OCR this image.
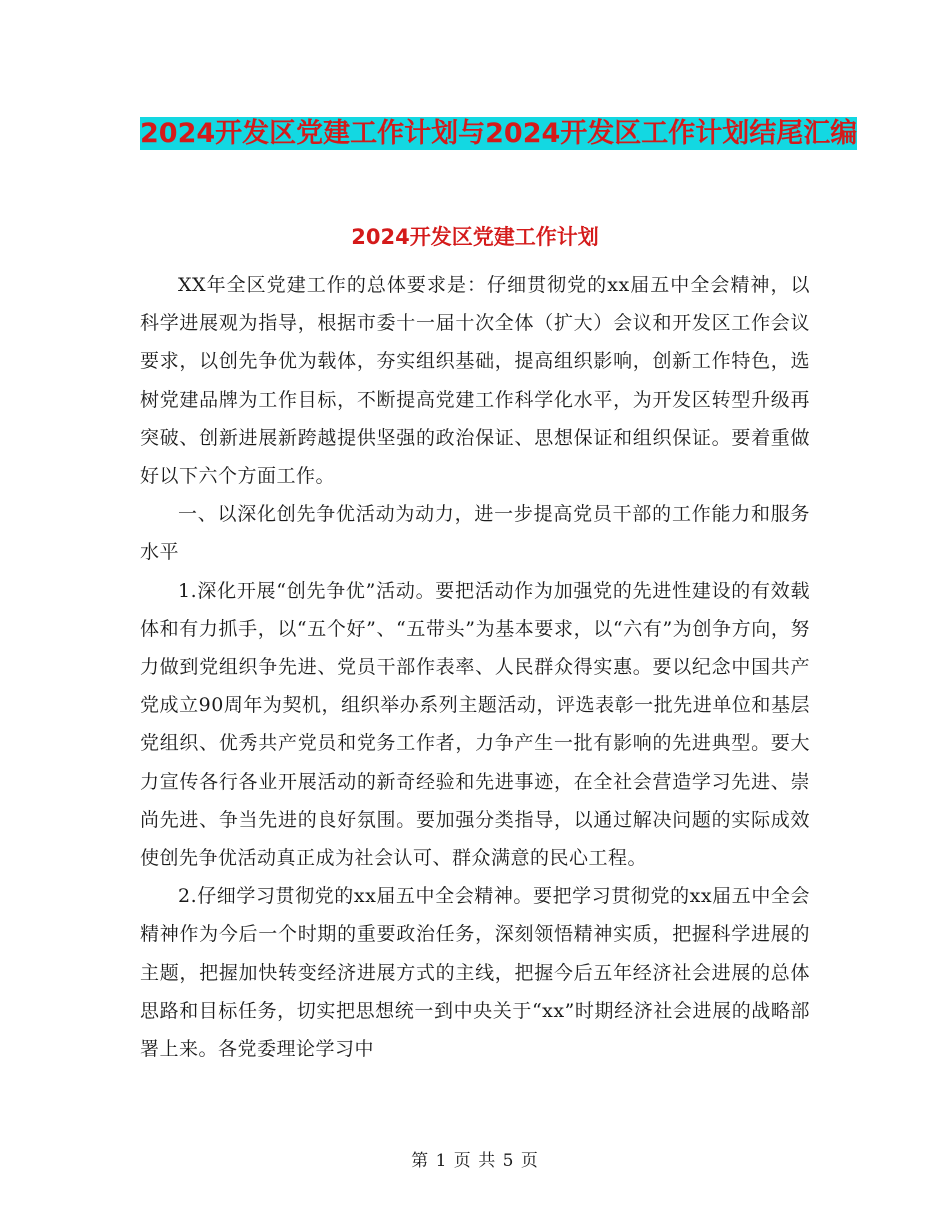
2024开发区党建工作计划与2024开发区工作计划结尾汇编
2024开发区党建工作计划

XX年全区党建工作的总体要求是：仔细贯彻党的xx届五中全会精神，以科学进展观为指导，根据市委十一届十次全体（扩大）会议和开发区工作会议要求，以创先争优为载体，夯实组织基础，提高组织影响，创新工作特色，选树党建品牌为工作目标，不断提高党建工作科学化水平，为开发区转型升级再突破、创新进展新跨越提供坚强的政治保证、思想保证和组织保证。要着重做好以下六个方面工作。

一、以深化创先争优活动为动力，进一步提高党员干部的工作能力和服务水平

1.深化开展“创先争优”活动。要把活动作为加强党的先进性建设的有效载体和有力抓手，以“五个好”、“五带头”为基本要求，以“六有”为创争方向，努力做到党组织争先进、党员干部作表率、人民群众得实惠。要以纪念中国共产党成立90周年为契机，组织举办系列主题活动，评选表彰一批先进单位和基层党组织、优秀共产党员和党务工作者，力争产生一批有影响的先进典型。要大力宣传各行各业开展活动的新奇经验和先进事迹，在全社会营造学习先进、崇尚先进、争当先进的良好氛围。要加强分类指导，以通过解决问题的实际成效使创先争优活动真正成为社会认可、群众满意的民心工程。

2.仔细学习贯彻党的xx届五中全会精神。要把学习贯彻党的xx届五中全会精神作为今后一个时期的重要政治任务，深刻领悟精神实质，把握科学进展的主题，把握加快转变经济进展方式的主线，把握今后五年经济社会进展的总体思路和目标任务，切实把思想统一到中央关于“xx”时期经济社会进展的战略部署上来。各党委理论学习中

第 1 页 共 5 页
